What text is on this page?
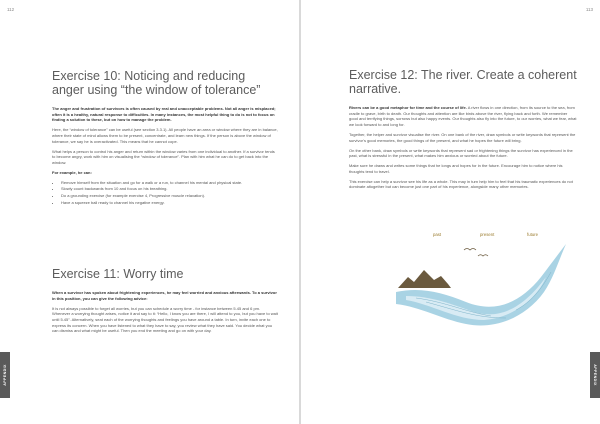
112
APPENDIX
Exercise 10: Noticing and reducing anger using “the window of tolerance”

The anger and frustration of survivors is often caused by real and unacceptable problems. Not all anger is misplaced; often it is a healthy, natural response to difficulties. In many instances, the most helpful thing to do is not to focus on finding a solution to these, but on how to manage the problem.

Here, the “window of tolerance” can be useful (see section 3.3.1). All people have an area or window where they are in balance, where their state of mind allows them to be present, concentrate, and learn new things. If the person is above the window of tolerance, we say he is overactivated. This means that he cannot cope.

What helps a person to control his anger and return within the window varies from one individual to another. If a survivor tends to become angry, work with him on visualising the “window of tolerance”. Plan with him what he can do to get back into the window.

For example, he can:

• Remove himself from the situation and go for a walk or a run, to channel his mental and physical state.
• Slowly count backwards from 10 and focus on his breathing.
• Do a grounding exercise (for example exercise 4, Progressive muscle relaxation).
• Have a squeeze ball ready to channel his negative energy.
Exercise 11: Worry time

When a survivor has spoken about frightening experiences, he may feel worried and anxious afterwards. To a survivor in this position, you can give the following advice:

It is not always possible to forget all worries, but you can schedule a worry time - for instance between 5.45 and 6 pm. Whenever a worrying thought arises, notice it and say to it: “Hello, I know you are there, I will attend to you, but you have to wait until 5.45”. Alternatively, seat each of the worrying thoughts and feelings you have around a table. In turn, invite each one to express its concern. When you have listened to what they have to say, you review what they have said. You decide what you can dismiss and what might be useful. Then you end the meeting and go on with your day.

113
APPENDIX
Exercise 12: The river. Create a coherent narrative.

Rivers can be a good metaphor for time and the course of life. A river flows in one direction, from its source to the sea, from cradle to grave, birth to death. Our thoughts and attention are like birds above the river, flying back and forth. We remember good and terrifying things, sorrows but also happy events. Our thoughts also fly into the future, to our worries, what we fear, what we look forward to and long for.

Together, the helper and survivor visualise the river. On one bank of the river, draw symbols or write keywords that represent the survivor’s good memories, the good things of the present, and what he hopes the future will bring.

On the other bank, draw symbols or write keywords that represent sad or frightening things the survivor has experienced in the past, what is stressful in the present, what makes him anxious or worried about the future.

Make sure he draws and writes some things that he longs and hopes for in the future. Encourage him to notice where his thoughts tend to travel.

This exercise can help a survivor see his life as a whole. This may in turn help him to feel that his traumatic experiences do not dominate altogether but can become just one part of his experience, alongside many other memories.

past	present	future
